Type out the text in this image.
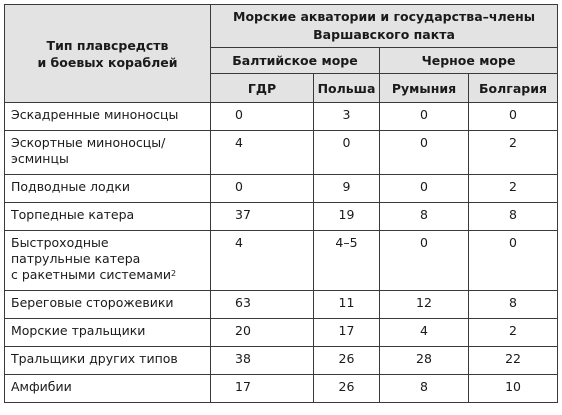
Тип плавсредств
и боевых кораблей	Морские акватории и государства–члены
Варшавского пакта			

	Балтийское море		Черное море	
	ГДР	Польша	Румыния	Болгария

Эскадренные миноносцы	0	3	0	0

Эскортные миноносцы/
эсминцы	4	0	0	2

Подводные лодки	0	9	0	2

Торпедные катера	37	19	8	8

Быстроходные
патрульные катера
с ракетными системами$^2$	4	4–5	0	0

Береговые сторожевики	63	11	12	8

Морские тральщики	20	17	4	2

Тральщики других типов	38	26	28	22

Амфибии	17	26	8	10
